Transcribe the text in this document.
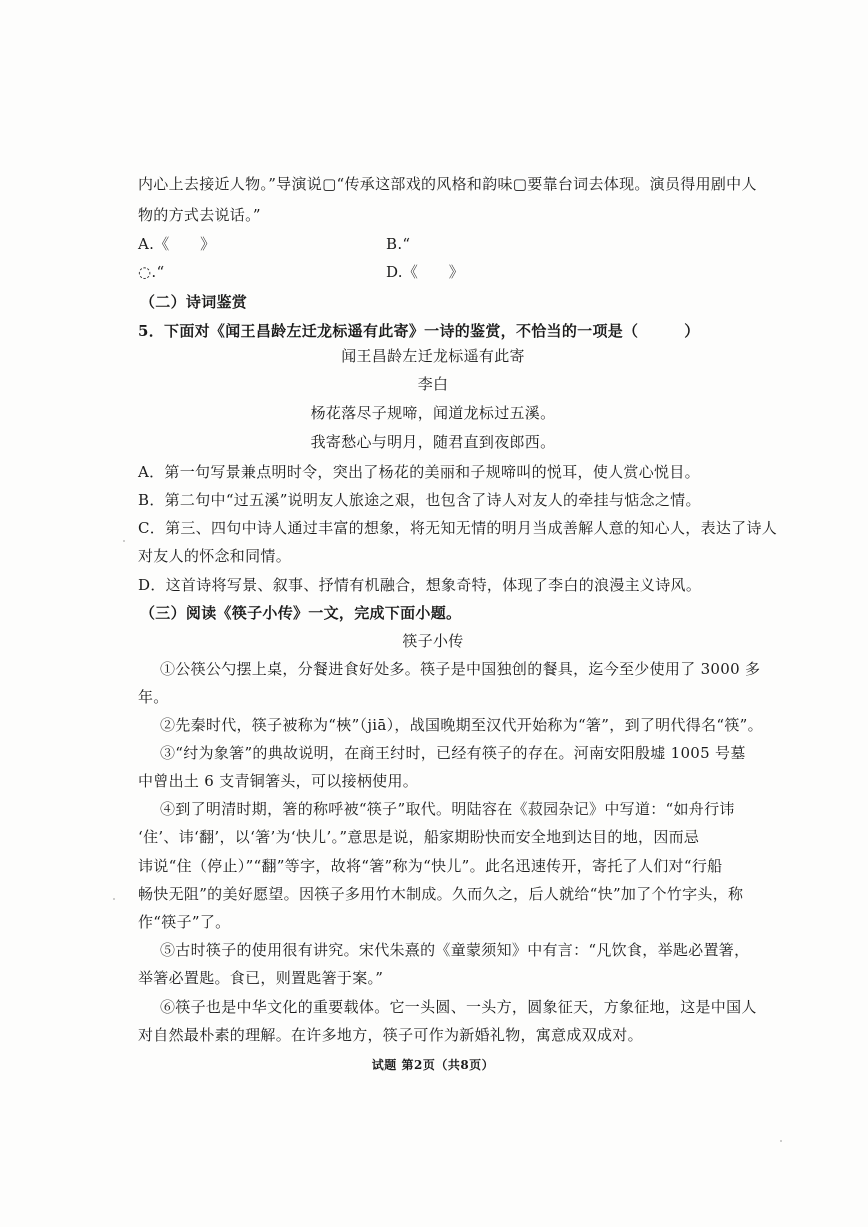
内心上去接近人物。”导演说▢“传承这部戏的风格和韵味▢要靠台词去体现。演员得用剧中人
物的方式去说话。”
A.《　　》	B.“
◌.“	D.《　　》
（二）诗词鉴赏
5．下面对《闻王昌龄左迁龙标遥有此寄》一诗的鉴赏，不恰当的一项是（　　　）
闻王昌龄左迁龙标遥有此寄
李白
杨花落尽子规啼，闻道龙标过五溪。
我寄愁心与明月，随君直到夜郎西。
A．第一句写景兼点明时令，突出了杨花的美丽和子规啼叫的悦耳，使人赏心悦目。
B．第二句中“过五溪”说明友人旅途之艰，也包含了诗人对友人的牵挂与惦念之情。
C．第三、四句中诗人通过丰富的想象，将无知无情的明月当成善解人意的知心人，表达了诗人
对友人的怀念和同情。
D．这首诗将写景、叙事、抒情有机融合，想象奇特，体现了李白的浪漫主义诗风。
（三）阅读《筷子小传》一文，完成下面小题。
筷子小传
①公筷公勺摆上桌，分餐进食好处多。筷子是中国独创的餐具，迄今至少使用了 3000 多
年。
②先秦时代，筷子被称为“梜”（jiā），战国晚期至汉代开始称为“箸”，到了明代得名“筷”。
③“纣为象箸”的典故说明，在商王纣时，已经有筷子的存在。河南安阳殷墟 1005 号墓
中曾出土 6 支青铜箸头，可以接柄使用。
④到了明清时期，箸的称呼被“筷子”取代。明陆容在《菽园杂记》中写道：“如舟行讳
‘住’、讳‘翻’，以‘箸’为‘快儿’。”意思是说，船家期盼快而安全地到达目的地，因而忌
讳说“住（停止）”“翻”等字，故将“箸”称为“快儿”。此名迅速传开，寄托了人们对“行船
畅快无阻”的美好愿望。因筷子多用竹木制成。久而久之，后人就给“快”加了个竹字头，称
作“筷子”了。
⑤古时筷子的使用很有讲究。宋代朱熹的《童蒙须知》中有言：“凡饮食，举匙必置箸，
举箸必置匙。食已，则置匙箸于案。”
⑥筷子也是中华文化的重要载体。它一头圆、一头方，圆象征天，方象征地，这是中国人
对自然最朴素的理解。在许多地方，筷子可作为新婚礼物，寓意成双成对。
试题 第2页（共8页）
